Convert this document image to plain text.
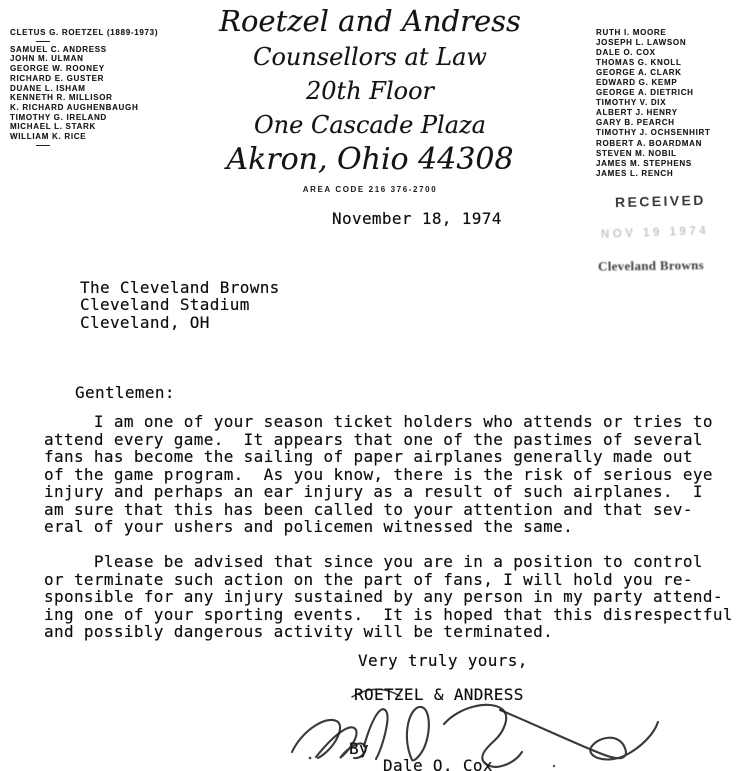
CLETUS G. ROETZEL (1889-1973)
SAMUEL C. ANDRESS
JOHN M. ULMAN
GEORGE W. ROONEY
RICHARD E. GUSTER
DUANE L. ISHAM
KENNETH R. MILLISOR
K. RICHARD AUGHENBAUGH
TIMOTHY G. IRELAND
MICHAEL L. STARK
WILLIAM K. RICE
Roetzel and Andress
Counsellors at Law
20th Floor
One Cascade Plaza
Akron, Ohio 44308
AREA CODE 216 376-2700
RUTH I. MOORE
JOSEPH L. LAWSON
DALE O. COX
THOMAS G. KNOLL
GEORGE A. CLARK
EDWARD G. KEMP
GEORGE A. DIETRICH
TIMOTHY V. DIX
ALBERT J. HENRY
GARY B. PEARCH
TIMOTHY J. OCHSENHIRT
ROBERT A. BOARDMAN
STEVEN M. NOBIL
JAMES M. STEPHENS
JAMES L. RENCH
RECEIVED
NOV 19 1974
Cleveland Browns
November 18, 1974
The Cleveland Browns
Cleveland Stadium
Cleveland, OH
Gentlemen:
I am one of your season ticket holders who attends or tries to
attend every game.  It appears that one of the pastimes of several
fans has become the sailing of paper airplanes generally made out
of the game program.  As you know, there is the risk of serious eye
injury and perhaps an ear injury as a result of such airplanes.  I
am sure that this has been called to your attention and that sev-
eral of your ushers and policemen witnessed the same.
Please be advised that since you are in a position to control
or terminate such action on the part of fans, I will hold you re-
sponsible for any injury sustained by any person in my party attend-
ing one of your sporting events.  It is hoped that this disrespectful
and possibly dangerous activity will be terminated.
Very truly yours,
ROETZEL & ANDRESS
By
Dale O. Cox
